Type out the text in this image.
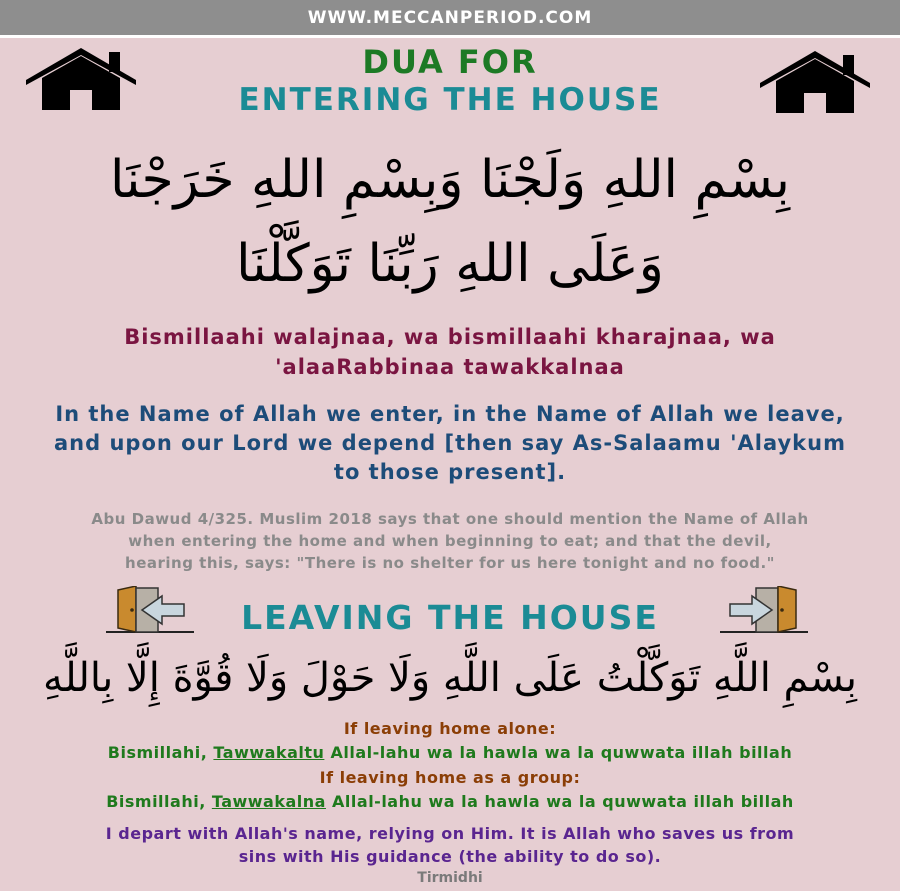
WWW.MECCANPERIOD.COM
DUA FOR
ENTERING THE HOUSE
بِسْمِ اللهِ وَلَجْنَا وَبِسْمِ اللهِ خَرَجْنَا
وَعَلَى اللهِ رَبِّنَا تَوَكَّلْنَا
Bismillaahi walajnaa, wa bismillaahi kharajnaa, wa
'alaaRabbinaa tawakkalnaa
In the Name of Allah we enter, in the Name of Allah we leave,
and upon our Lord we depend [then say As-Salaamu 'Alaykum
to those present].
Abu Dawud 4/325. Muslim 2018 says that one should mention the Name of Allah
when entering the home and when beginning to eat; and that the devil,
hearing this, says: "There is no shelter for us here tonight and no food."
LEAVING THE HOUSE
بِسْمِ اللَّهِ تَوَكَّلْتُ عَلَى اللَّهِ وَلَا حَوْلَ وَلَا قُوَّةَ إِلَّا بِاللَّهِ
If leaving home alone:
Bismillahi, Tawwakaltu Allal-lahu wa la hawla wa la quwwata illah billah
If leaving home as a group:
Bismillahi, Tawwakalna Allal-lahu wa la hawla wa la quwwata illah billah
I depart with Allah's name, relying on Him. It is Allah who saves us from
sins with His guidance (the ability to do so).
Tirmidhi
